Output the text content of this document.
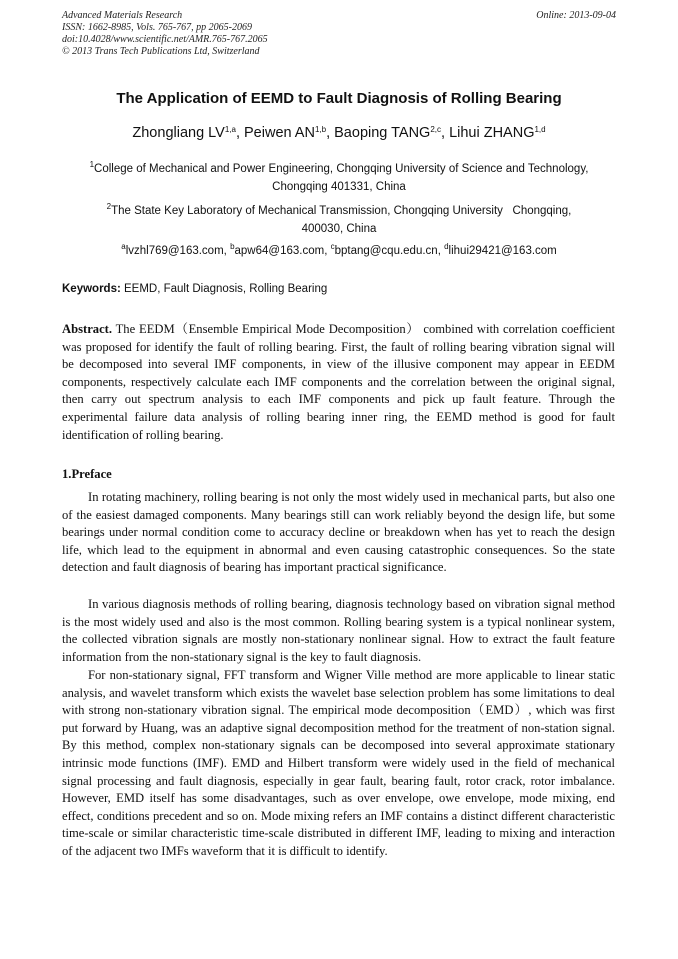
Advanced Materials Research
ISSN: 1662-8985, Vols. 765-767, pp 2065-2069
doi:10.4028/www.scientific.net/AMR.765-767.2065
© 2013 Trans Tech Publications Ltd, Switzerland
Online: 2013-09-04
The Application of EEMD to Fault Diagnosis of Rolling Bearing
Zhongliang LV$^{1,a}$, Peiwen AN$^{1,b}$, Baoping TANG$^{2,c}$, Lihui ZHANG$^{1,d}$
$^1$College of Mechanical and Power Engineering, Chongqing University of Science and Technology,
Chongqing 401331, China
$^2$The State Key Laboratory of Mechanical Transmission, Chongqing University   Chongqing,
400030, China
$^a$lvzhl769@163.com, $^b$apw64@163.com, $^c$bptang@cqu.edu.cn, $^d$lihui29421@163.com
Keywords: EEMD, Fault Diagnosis, Rolling Bearing
Abstract. The EEDM（Ensemble Empirical Mode Decomposition） combined with correlation coefficient was proposed for identify the fault of rolling bearing. First, the fault of rolling bearing vibration signal will be decomposed into several IMF components, in view of the illusive component may appear in EEDM components, respectively calculate each IMF components and the correlation between the original signal, then carry out spectrum analysis to each IMF components and pick up fault feature. Through the experimental failure data analysis of rolling bearing inner ring, the EEMD method is good for fault identification of rolling bearing.
1.Preface
In rotating machinery, rolling bearing is not only the most widely used in mechanical parts, but also one of the easiest damaged components. Many bearings still can work reliably beyond the design life, but some bearings under normal condition come to accuracy decline or breakdown when has yet to reach the design life, which lead to the equipment in abnormal and even causing catastrophic consequences. So the state detection and fault diagnosis of bearing has important practical significance.
In various diagnosis methods of rolling bearing, diagnosis technology based on vibration signal method is the most widely used and also is the most common. Rolling bearing system is a typical nonlinear system, the collected vibration signals are mostly non-stationary nonlinear signal. How to extract the fault feature information from the non-stationary signal is the key to fault diagnosis.
For non-stationary signal, FFT transform and Wigner Ville method are more applicable to linear static analysis, and wavelet transform which exists the wavelet base selection problem has some limitations to deal with strong non-stationary vibration signal. The empirical mode decomposition（EMD）, which was first put forward by Huang, was an adaptive signal decomposition method for the treatment of non-station signal. By this method, complex non-stationary signals can be decomposed into several approximate stationary intrinsic mode functions (IMF). EMD and Hilbert transform were widely used in the field of mechanical signal processing and fault diagnosis, especially in gear fault, bearing fault, rotor crack, rotor imbalance. However, EMD itself has some disadvantages, such as over envelope, owe envelope, mode mixing, end effect, conditions precedent and so on. Mode mixing refers an IMF contains a distinct different characteristic time-scale or similar characteristic time-scale distributed in different IMF, leading to mixing and interaction of the adjacent two IMFs waveform that it is difficult to identify.
